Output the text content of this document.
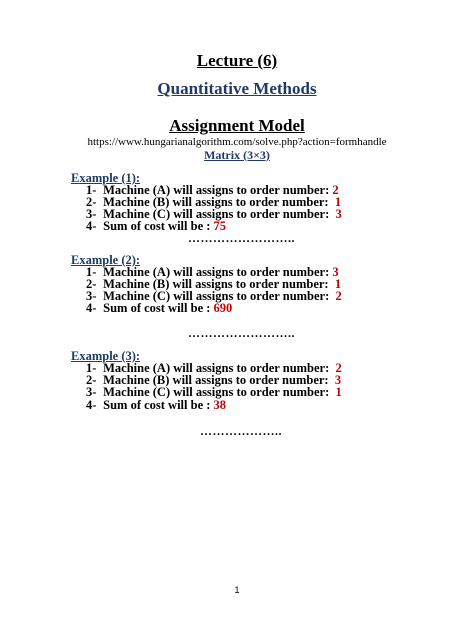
Lecture (6)
Quantitative Methods
Assignment Model
https://www.hungarianalgorithm.com/solve.php?action=formhandle
Matrix (3×3)
Example (1):
1- Machine (A) will assigns to order number: 2
2- Machine (B) will assigns to order number: 1
3- Machine (C) will assigns to order number: 3
4- Sum of cost will be : 75
……………………..
Example (2):
1- Machine (A) will assigns to order number: 3
2- Machine (B) will assigns to order number: 1
3- Machine (C) will assigns to order number: 2
4- Sum of cost will be : 690
……………………..
Example (3):
1- Machine (A) will assigns to order number: 2
2- Machine (B) will assigns to order number: 3
3- Machine (C) will assigns to order number: 1
4- Sum of cost will be : 38
………………..
1
